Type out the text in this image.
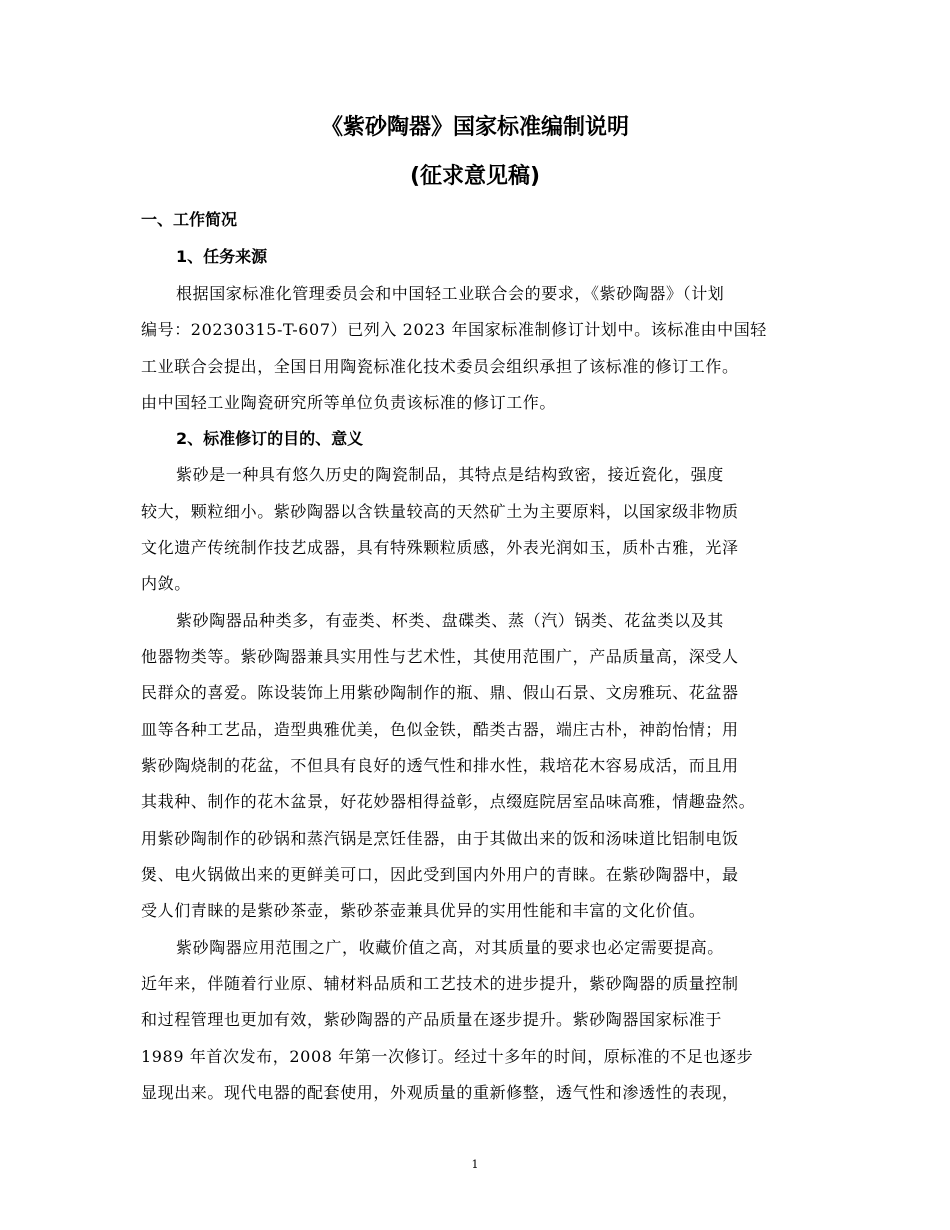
《紫砂陶器》国家标准编制说明
(征求意见稿)
一、工作简况
1、任务来源
根据国家标准化管理委员会和中国轻工业联合会的要求，《紫砂陶器》（计划
编号：20230315-T-607）已列入 2023 年国家标准制修订计划中。该标准由中国轻
工业联合会提出，全国日用陶瓷标准化技术委员会组织承担了该标准的修订工作。
由中国轻工业陶瓷研究所等单位负责该标准的修订工作。
2、标准修订的目的、意义
紫砂是一种具有悠久历史的陶瓷制品，其特点是结构致密，接近瓷化，强度
较大，颗粒细小。紫砂陶器以含铁量较高的天然矿土为主要原料，以国家级非物质
文化遗产传统制作技艺成器，具有特殊颗粒质感，外表光润如玉，质朴古雅，光泽
内敛。
紫砂陶器品种类多，有壶类、杯类、盘碟类、蒸（汽）锅类、花盆类以及其
他器物类等。紫砂陶器兼具实用性与艺术性，其使用范围广，产品质量高，深受人
民群众的喜爱。陈设装饰上用紫砂陶制作的瓶、鼎、假山石景、文房雅玩、花盆器
皿等各种工艺品，造型典雅优美，色似金铁，酷类古器，端庄古朴，神韵怡情；用
紫砂陶烧制的花盆，不但具有良好的透气性和排水性，栽培花木容易成活，而且用
其栽种、制作的花木盆景，好花妙器相得益彰，点缀庭院居室品味高雅，情趣盎然。
用紫砂陶制作的砂锅和蒸汽锅是烹饪佳器，由于其做出来的饭和汤味道比铝制电饭
煲、电火锅做出来的更鲜美可口，因此受到国内外用户的青睐。在紫砂陶器中，最
受人们青睐的是紫砂茶壶，紫砂茶壶兼具优异的实用性能和丰富的文化价值。
紫砂陶器应用范围之广，收藏价值之高，对其质量的要求也必定需要提高。
近年来，伴随着行业原、辅材料品质和工艺技术的进步提升，紫砂陶器的质量控制
和过程管理也更加有效，紫砂陶器的产品质量在逐步提升。紫砂陶器国家标准于
1989 年首次发布，2008 年第一次修订。经过十多年的时间，原标准的不足也逐步
显现出来。现代电器的配套使用，外观质量的重新修整，透气性和渗透性的表现，
1
